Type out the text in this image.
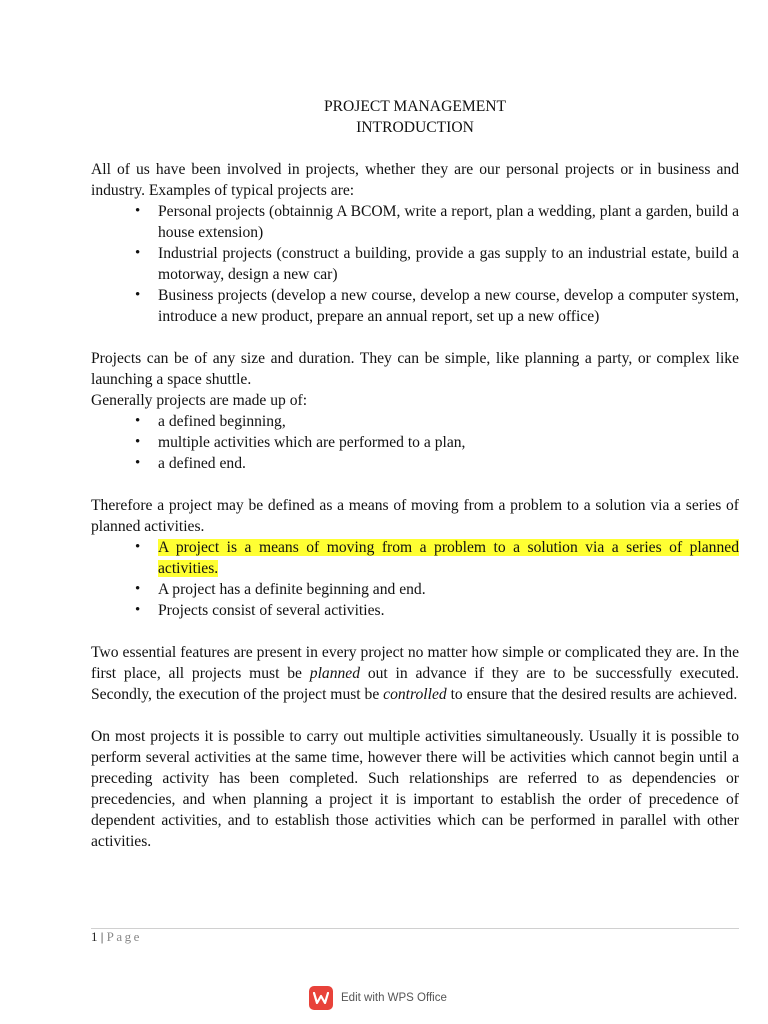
PROJECT MANAGEMENT

INTRODUCTION

All of us have been involved in projects, whether they are our personal projects or in business and industry. Examples of typical projects are:

• Personal projects (obtainnig A BCOM, write a report, plan a wedding, plant a garden, build a house extension)
• Industrial projects (construct a building, provide a gas supply to an industrial estate, build a motorway, design a new car)
• Business projects (develop a new course, develop a new course, develop a computer system, introduce a new product, prepare an annual report, set up a new office)

Projects can be of any size and duration. They can be simple, like planning a party, or complex like launching a space shuttle.

Generally projects are made up of:

• a defined beginning,
• multiple activities which are performed to a plan,
• a defined end.

Therefore a project may be defined as a means of moving from a problem to a solution via a series of planned activities.

• A project is a means of moving from a problem to a solution via a series of planned activities.
• A project has a definite beginning and end.
• Projects consist of several activities.

Two essential features are present in every project no matter how simple or complicated they are. In the first place, all projects must be planned out in advance if they are to be successfully executed. Secondly, the execution of the project must be controlled to ensure that the desired results are achieved.

On most projects it is possible to carry out multiple activities simultaneously. Usually it is possible to perform several activities at the same time, however there will be activities which cannot begin until a preceding activity has been completed. Such relationships are referred to as dependencies or precedencies, and when planning a project it is important to establish the order of precedence of dependent activities, and to establish those activities which can be performed in parallel with other activities.

1 | Page
Edit with WPS Office
